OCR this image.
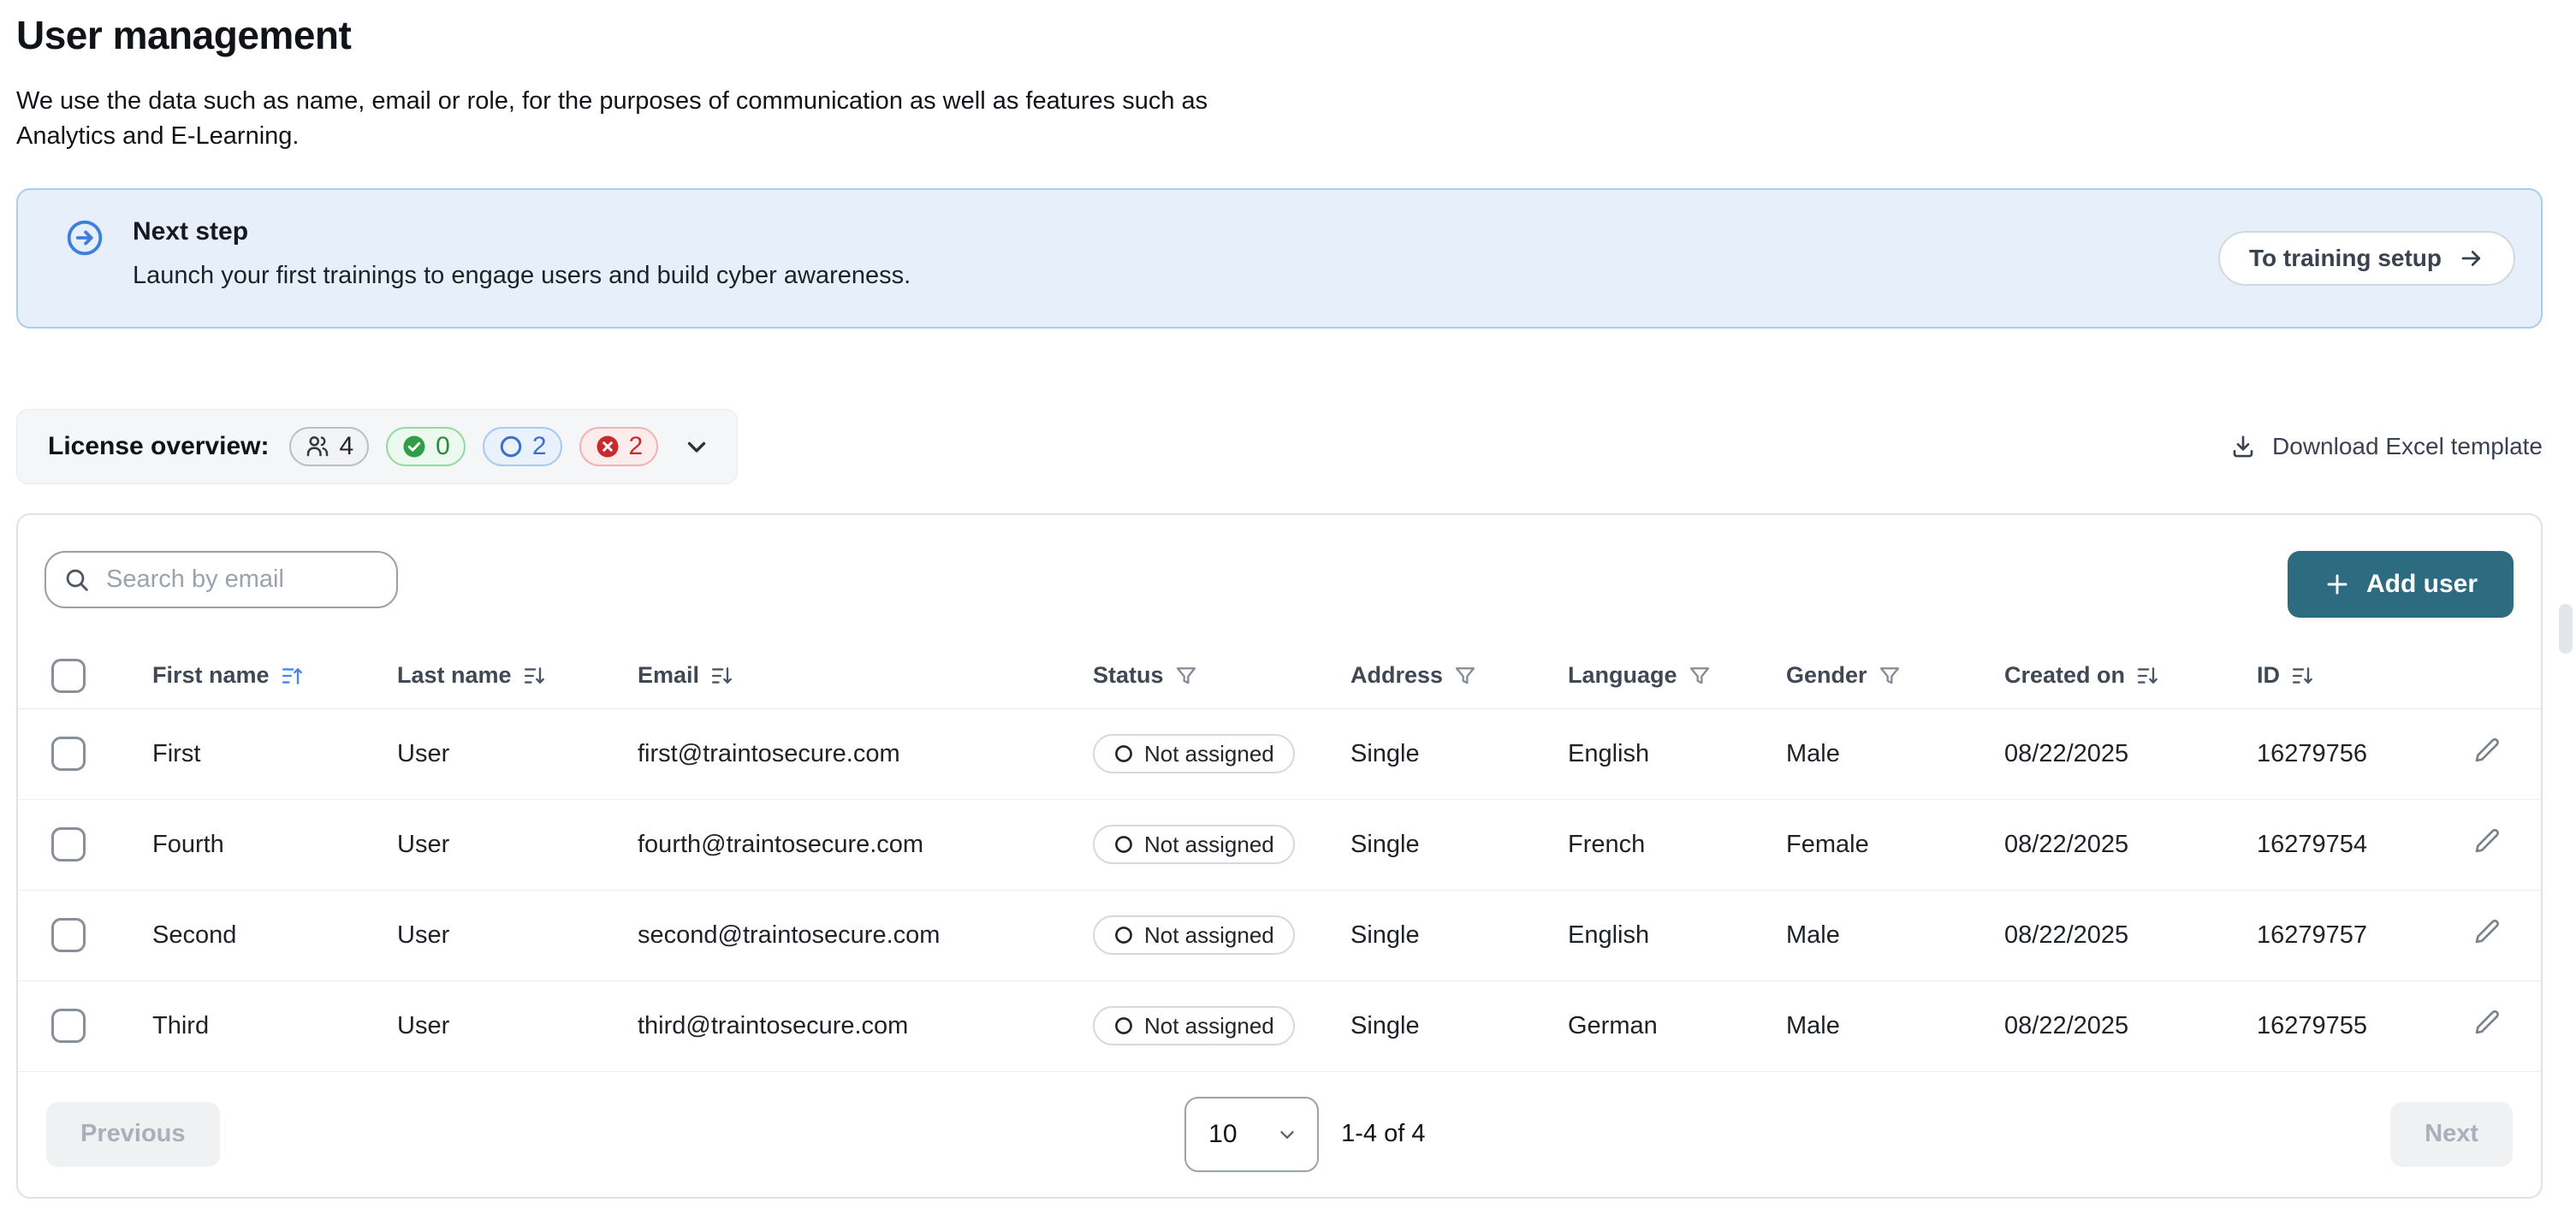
User management

We use the data such as name, email or role, for the purposes of communication as well as features such as
Analytics and E-Learning.

Next step
Launch your first trainings to engage users and build cyber awareness.
To training setup
License overview:	4	0	2	2	Download Excel template
Search by email
Add user

	First name	Last name	Email	Status	Address	Language	Gender	Created on	ID	

	First	User	first@traintosecure.com	Not assigned	Single	English	Male	08/22/2025	16279756	

	Fourth	User	fourth@traintosecure.com	Not assigned	Single	French	Female	08/22/2025	16279754	

	Second	User	second@traintosecure.com	Not assigned	Single	English	Male	08/22/2025	16279757	

	Third	User	third@traintosecure.com	Not assigned	Single	German	Male	08/22/2025	16279755	
Previous	10	1-4 of 4	Next
